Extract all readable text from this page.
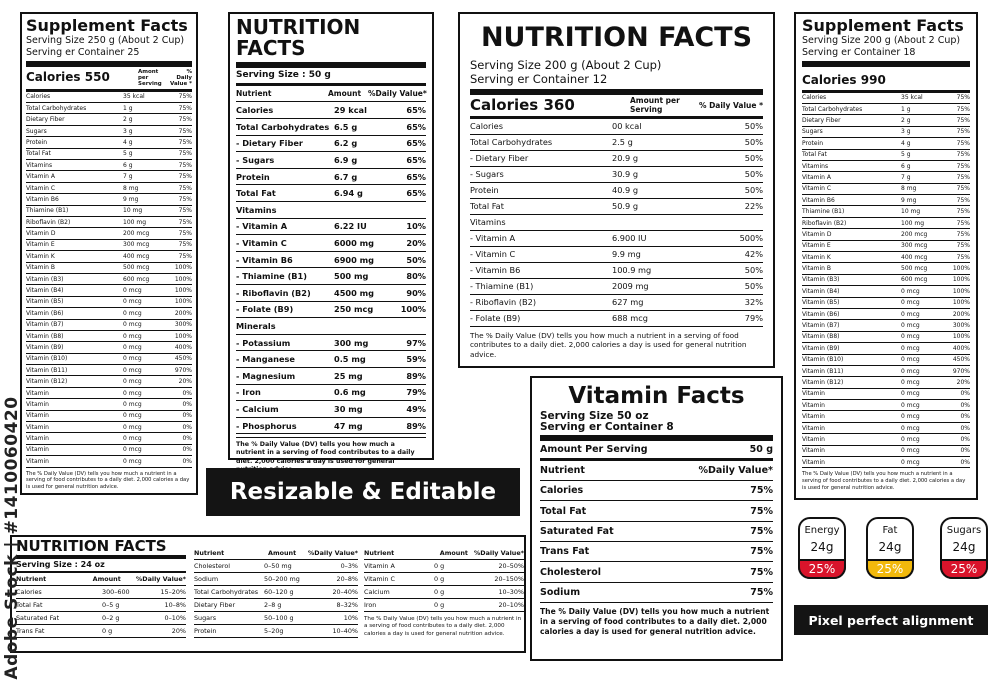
Supplement Facts
Serving Size 250 g (About 2 Cup)
Serving er Container 25
Calories 550	Amont per Serving
% Daily Value *
Calories	35 kcal	75%
Total Carbohydrates	1 g	75%
Dietary Fiber	2 g	75%
Sugars	3 g	75%
Protein	4 g	75%
Total Fat	5 g	75%
Vitamins	6 g	75%
Vitamin A	7 g	75%
Vitamin C	8 mg	75%
Vitamin B6	9 mg	75%
Thiamine (B1)	10 mg	75%
Riboflavin (B2)	100 mg	75%
Vitamin D	200 mcg	75%
Vitamin E	300 mcg	75%
Vitamin K	400 mcg	75%
Vitamin B	500 mcg	100%
Vitamin (B3)	600 mcg	100%
Vitamin (B4)	0 mcg	100%
Vitamin (B5)	0 mcg	100%
Vitamin (B6)	0 mcg	200%
Vitamin (B7)	0 mcg	300%
Vitamin (B8)	0 mcg	100%
Vitamin (B9)	0 mcg	400%
Vitamin (B10)	0 mcg	450%
Vitamin (B11)	0 mcg	970%
Vitamin (B12)	0 mcg	20%
Vitamin	0 mcg	0%
Vitamin	0 mcg	0%
Vitamin	0 mcg	0%
Vitamin	0 mcg	0%
Vitamin	0 mcg	0%
Vitamin	0 mcg	0%
Vitamin	0 mcg	0%
The % Daily Value (DV) tells you how much a nutrient in a serving of food contributes to a daily diet. 2,000 calories a day is used for general nutrition advice.
NUTRITION FACTS
Serving Size : 50 g
Nutrient	Amount %Daily Value*
Calories	29 kcal	65%
Total Carbohydrates 6.5 g	65%
- Dietary Fiber	6.2 g	65%
- Sugars	6.9 g	65%
Protein	6.7 g	65%
Total Fat	6.94 g	65%
Vitamins
- Vitamin A	6.22 IU	10%
- Vitamin C	6000 mg	20%
- Vitamin B6	6900 mg	50%
- Thiamine (B1)	500 mg	80%
- Riboflavin (B2)	4500 mg	90%
- Folate (B9)	250 mcg	100%
Minerals
- Potassium	300 mg	97%
- Manganese	0.5 mg	59%
- Magnesium	25 mg	89%
- Iron	0.6 mg	79%
- Calcium	30 mg	49%
- Phosphorus	47 mg	89%
The % Daily Value (DV) tells you how much a nutrient in a serving of food contributes to a daily diet. 2,000 calories a day is used for general
NUTRITION FACTS
Serving Size 200 g (About 2 Cup)
Serving er Container 12
Calories 360	Amount per Serving	% Daily Value *
Calories	00 kcal	50%
Total Carbohydrates	2.5 g	50%
- Dietary Fiber	20.9 g	50%
- Sugars	30.9 g	50%
Protein	40.9 g	50%
Total Fat	50.9 g	22%
Vitamins
- Vitamin A	6.900 IU	500%
- Vitamin C	9.9 mg	42%
- Vitamin B6	100.9 mg	50%
- Thiamine (B1)	2009 mg	50%
- Riboflavin (B2)	627 mg	32%
- Folate (B9)	688 mcg	79%
The % Daily Value (DV) tells you how much a nutrient in a serving of food contributes to a daily diet. 2,000 calories a day is used for general nutrition advice.
Supplement Facts
Serving Size 200 g (About 2 Cup)
Serving er Container 18
Calories 990
Calories	35 kcal	75%
Total Carbohydrates	1 g	75%
Dietary Fiber	2 g	75%
Sugars	3 g	75%
Protein	4 g	75%
Total Fat	5 g	75%
Vitamins	6 g	75%
Vitamin A	7 g	75%
Vitamin C	8 mg	75%
Vitamin B6	9 mg	75%
Thiamine (B1)	10 mg	75%
Riboflavin (B2)	100 mg	75%
Vitamin D	200 mcg	75%
Vitamin E	300 mcg	75%
Vitamin K	400 mcg	75%
Vitamin B	500 mcg	100%
Vitamin (B3)	600 mcg	100%
Vitamin (B4)	0 mcg	100%
Vitamin (B5)	0 mcg	100%
Vitamin (B6)	0 mcg	200%
Vitamin (B7)	0 mcg	300%
Vitamin (B8)	0 mcg	100%
Vitamin (B9)	0 mcg	400%
Vitamin (B10)	0 mcg	450%
Vitamin (B11)	0 mcg	970%
Vitamin (B12)	0 mcg	20%
Vitamin	0 mcg	0%
Vitamin	0 mcg	0%
Vitamin	0 mcg	0%
Vitamin	0 mcg	0%
Vitamin	0 mcg	0%
Vitamin	0 mcg	0%
Vitamin	0 mcg	0%
The % Daily Value (DV) tells you how much a nutrient in a serving of food contributes to a daily diet. 2,000 calories a day is used for general nutrition advice.
Resizable & Editable
NUTRITION FACTS
Serving Size : 24 oz
Nutrient	Amount	%Daily Value*
Calories	300–600	15–20%
Total Fat	0–5 g	10–8%
Saturated Fat	0–2 g	0–10%
Trans Fat	0 g	20%
Nutrient	Amount	%Daily Value*
Cholesterol	0–50 mg	0–3%
Sodium	50–200 mg	20–8%
Total Carbohydrates 60–120 g	20–40%
Dietary Fiber	2–8 g	8–32%
Sugars	50–100 g	10%
Protein	5–20g	10–40%
Nutrient	Amount %Daily Value*
Vitamin A	0 g	20–50%
Vitamin C	0 g	20–150%
Calcium	0 g	10–30%
Iron	0 g	20–10%
The % Daily Value (DV) tells you how much a nutrient in a serving of food contributes to a daily diet. 2,000 calories a day is used for general nutrition advice.
Vitamin Facts
Serving Size 50 oz
Serving er Container 8
Amount Per Serving	50 g
Nutrient	%Daily Value*
Calories	75%
Total Fat	75%
Saturated Fat	75%
Trans Fat	75%
Cholesterol	75%
Sodium	75%
The % Daily Value (DV) tells you how much a nutrient in a serving of food contributes to a daily diet. 2,000 calories a day is used for general nutrition advice.
Energy
24g
25%
Fat
24g
25%
Sugars
24g
25%
Pixel perfect alignment
Adobe Stock | #1410060420
